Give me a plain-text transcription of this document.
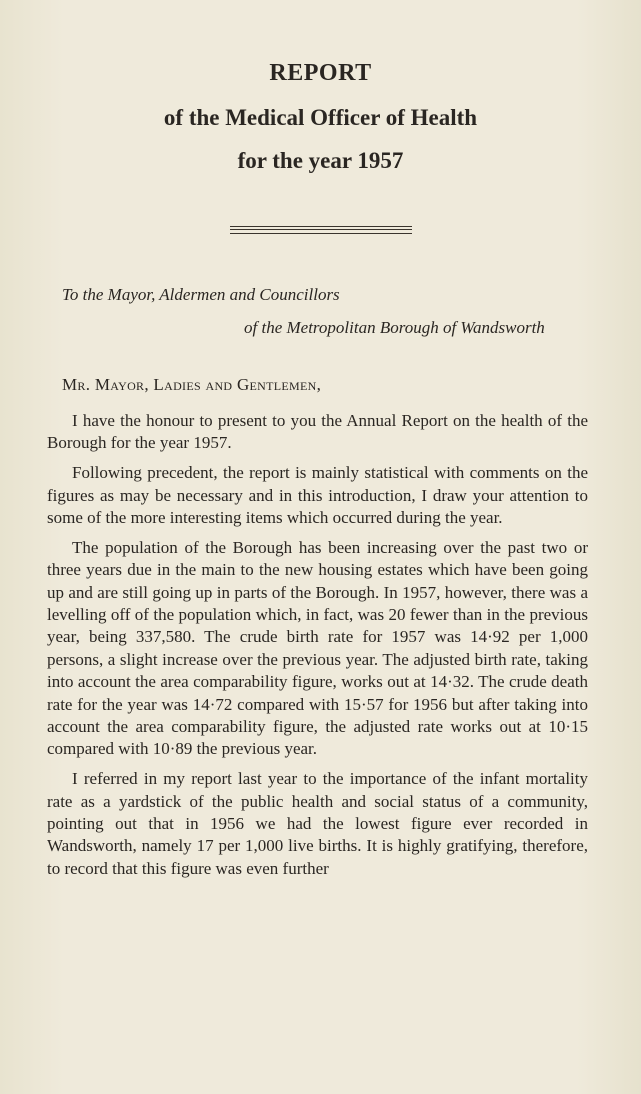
REPORT
of the Medical Officer of Health
for the year 1957
To the Mayor, Aldermen and Councillors
of the Metropolitan Borough of Wandsworth
Mr. Mayor, Ladies and Gentlemen,

I have the honour to present to you the Annual Report on the health of the Borough for the year 1957.

Following precedent, the report is mainly statistical with comments on the figures as may be necessary and in this introduction, I draw your attention to some of the more interesting items which occurred during the year.

The population of the Borough has been increasing over the past two or three years due in the main to the new housing estates which have been going up and are still going up in parts of the Borough. In 1957, however, there was a levelling off of the population which, in fact, was 20 fewer than in the previous year, being 337,580. The crude birth rate for 1957 was 14·92 per 1,000 persons, a slight increase over the previous year. The adjusted birth rate, taking into account the area comparability figure, works out at 14·32. The crude death rate for the year was 14·72 compared with 15·57 for 1956 but after taking into account the area comparability figure, the adjusted rate works out at 10·15 compared with 10·89 the previous year.

I referred in my report last year to the importance of the infant mortality rate as a yardstick of the public health and social status of a community, pointing out that in 1956 we had the lowest figure ever recorded in Wandsworth, namely 17 per 1,000 live births. It is highly gratifying, therefore, to record that this figure was even further
